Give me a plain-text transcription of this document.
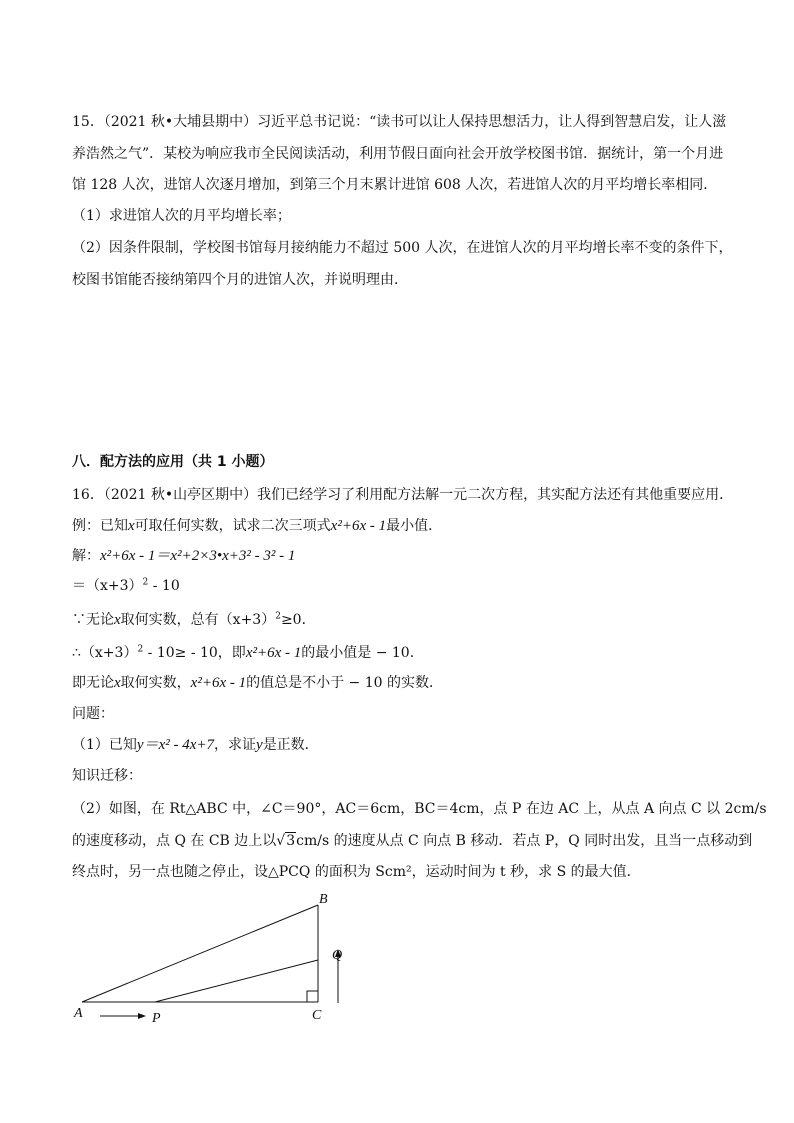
15．（2021 秋•大埔县期中）习近平总书记说：“读书可以让人保持思想活力，让人得到智慧启发，让人滋
养浩然之气”．某校为响应我市全民阅读活动，利用节假日面向社会开放学校图书馆．据统计，第一个月进
馆 128 人次，进馆人次逐月增加，到第三个月末累计进馆 608 人次，若进馆人次的月平均增长率相同．
（1）求进馆人次的月平均增长率；
（2）因条件限制，学校图书馆每月接纳能力不超过 500 人次，在进馆人次的月平均增长率不变的条件下，
校图书馆能否接纳第四个月的进馆人次，并说明理由．
八．配方法的应用（共 1 小题）
16．（2021 秋•山亭区期中）我们已经学习了利用配方法解一元二次方程，其实配方法还有其他重要应用．
例：已知x可取任何实数，试求二次三项式x²+6x - 1最小值．
解：x²+6x - 1＝x²+2×3•x+3² - 3² - 1
$=(x+3)^2 - 10$
∵无论x取何实数，总有$(x+3)^2\ge 0$．
$\therefore(x+3)^2 - 10\ge - 10$，即x²+6x - 1的最小值是 − 10．
即无论x取何实数，x²+6x - 1的值总是不小于 − 10 的实数．
问题：
（1）已知y＝x² - 4x+7，求证y是正数．
知识迁移：
（2）如图，在 Rt△ABC 中，∠C＝90°，AC＝6cm，BC＝4cm，点 P 在边 AC 上，从点 A 向点 C 以 2cm/s
的速度移动，点 Q 在 CB 边上以√3cm/s 的速度从点 C 向点 B 移动．若点 P，Q 同时出发，且当一点移动到
终点时，另一点也随之停止，设△PCQ 的面积为 Scm²，运动时间为 t 秒，求 S 的最大值．
A	P	C
B
Q
